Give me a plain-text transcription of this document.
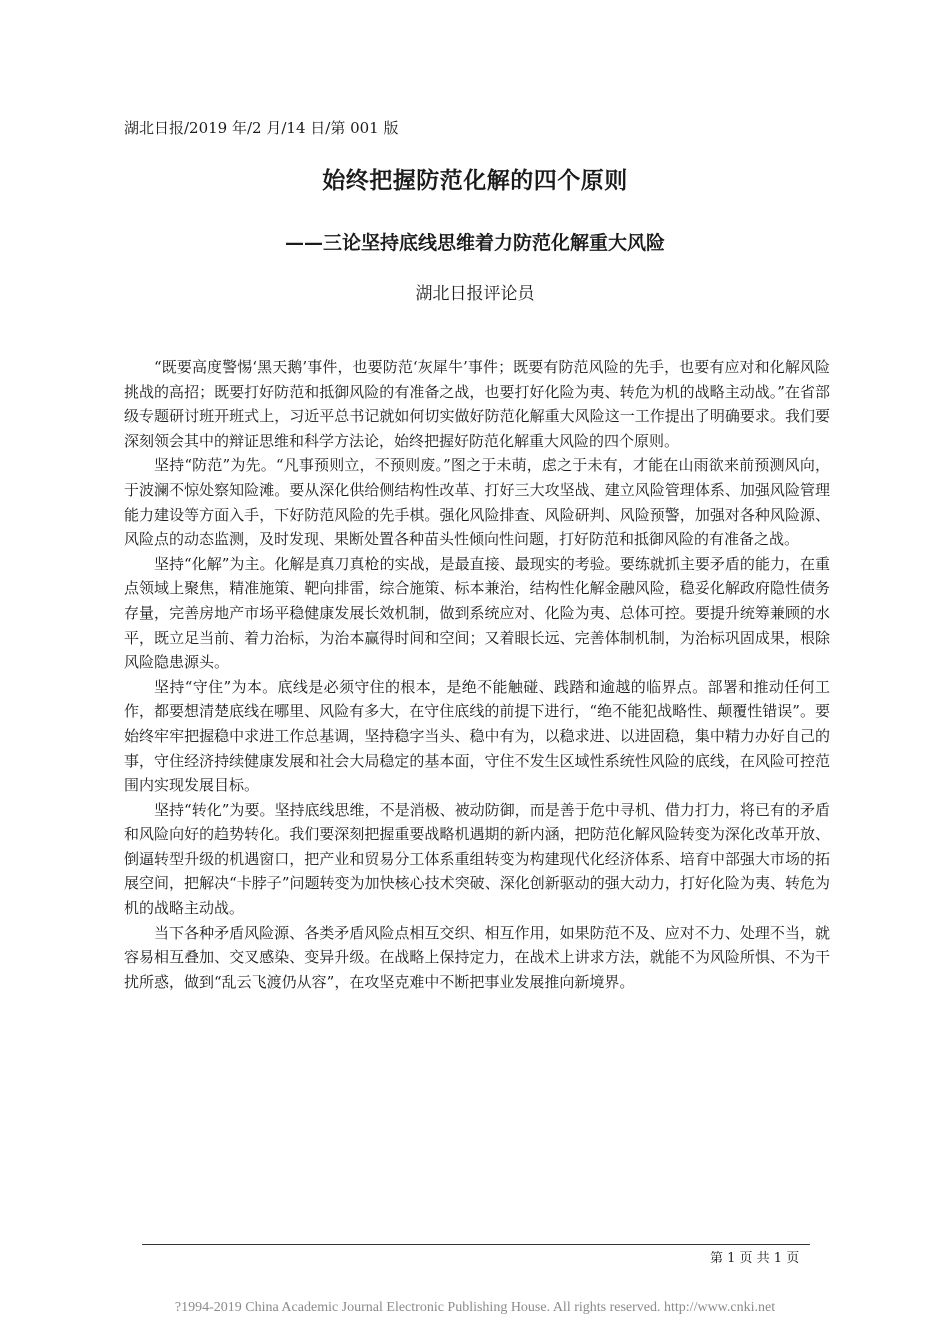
湖北日报/2019 年/2 月/14 日/第 001 版
始终把握防范化解的四个原则
——三论坚持底线思维着力防范化解重大风险
湖北日报评论员

“既要高度警惕‘黑天鹅’事件，也要防范‘灰犀牛’事件；既要有防范风险的先手，也要有应对和化解风险挑战的高招；既要打好防范和抵御风险的有准备之战，也要打好化险为夷、转危为机的战略主动战。”在省部级专题研讨班开班式上，习近平总书记就如何切实做好防范化解重大风险这一工作提出了明确要求。我们要深刻领会其中的辩证思维和科学方法论，始终把握好防范化解重大风险的四个原则。

坚持“防范”为先。“凡事预则立，不预则废。”图之于未萌，虑之于未有，才能在山雨欲来前预测风向，于波澜不惊处察知险滩。要从深化供给侧结构性改革、打好三大攻坚战、建立风险管理体系、加强风险管理能力建设等方面入手，下好防范风险的先手棋。强化风险排查、风险研判、风险预警，加强对各种风险源、风险点的动态监测，及时发现、果断处置各种苗头性倾向性问题，打好防范和抵御风险的有准备之战。

坚持“化解”为主。化解是真刀真枪的实战，是最直接、最现实的考验。要练就抓主要矛盾的能力，在重点领域上聚焦，精准施策、靶向排雷，综合施策、标本兼治，结构性化解金融风险，稳妥化解政府隐性债务存量，完善房地产市场平稳健康发展长效机制，做到系统应对、化险为夷、总体可控。要提升统筹兼顾的水平，既立足当前、着力治标，为治本赢得时间和空间；又着眼长远、完善体制机制，为治标巩固成果，根除风险隐患源头。

坚持“守住”为本。底线是必须守住的根本，是绝不能触碰、践踏和逾越的临界点。部署和推动任何工作，都要想清楚底线在哪里、风险有多大，在守住底线的前提下进行，“绝不能犯战略性、颠覆性错误”。要始终牢牢把握稳中求进工作总基调，坚持稳字当头、稳中有为，以稳求进、以进固稳，集中精力办好自己的事，守住经济持续健康发展和社会大局稳定的基本面，守住不发生区域性系统性风险的底线，在风险可控范围内实现发展目标。

坚持“转化”为要。坚持底线思维，不是消极、被动防御，而是善于危中寻机、借力打力，将已有的矛盾和风险向好的趋势转化。我们要深刻把握重要战略机遇期的新内涵，把防范化解风险转变为深化改革开放、倒逼转型升级的机遇窗口，把产业和贸易分工体系重组转变为构建现代化经济体系、培育中部强大市场的拓展空间，把解决“卡脖子”问题转变为加快核心技术突破、深化创新驱动的强大动力，打好化险为夷、转危为机的战略主动战。

当下各种矛盾风险源、各类矛盾风险点相互交织、相互作用，如果防范不及、应对不力、处理不当，就容易相互叠加、交叉感染、变异升级。在战略上保持定力，在战术上讲求方法，就能不为风险所惧、不为干扰所惑，做到“乱云飞渡仍从容”，在攻坚克难中不断把事业发展推向新境界。

第 1 页 共 1 页
?1994-2019 China Academic Journal Electronic Publishing House. All rights reserved. http://www.cnki.net
